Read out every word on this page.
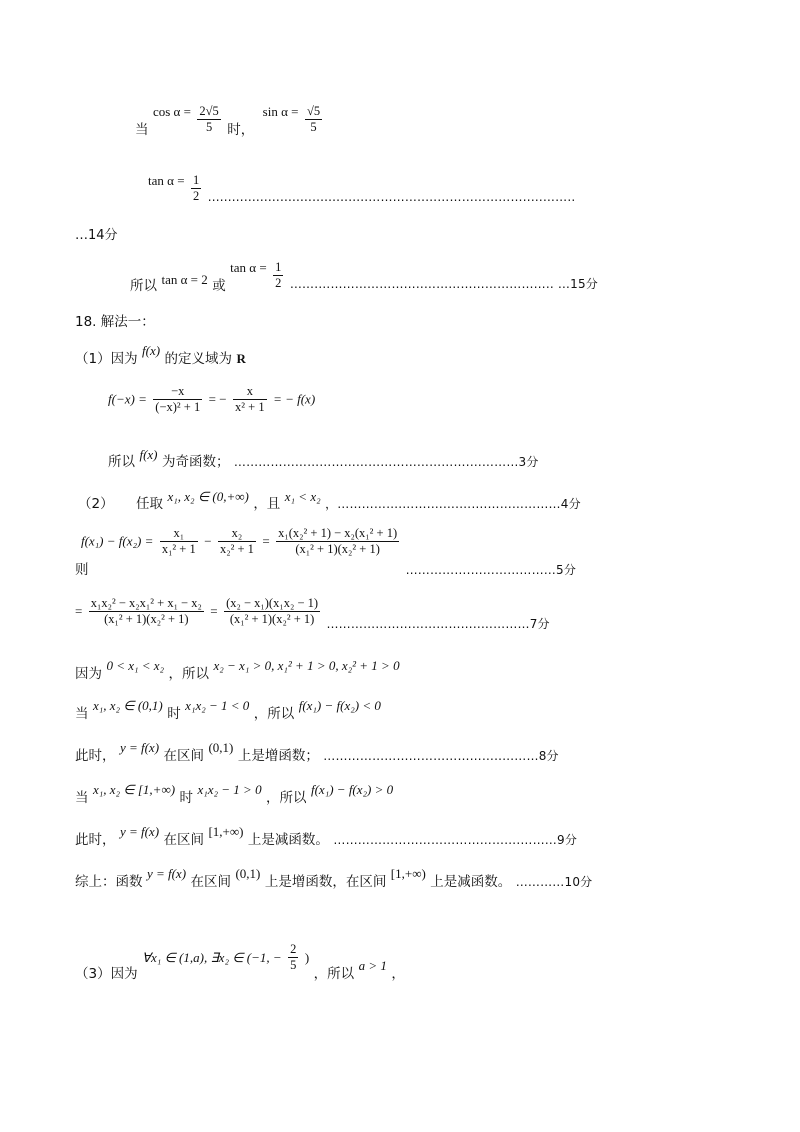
当 $\cos \alpha = \frac{2√5}{5}$ 时， $\sin \alpha = \frac{√5}{5}$
$\tan \alpha = \frac{1}{2}$ ........................................…………..……………………..………..
…14分
所以 tan α = 2 或 $\tan \alpha = \frac{1}{2}$ …….……………………..………………………….. …15分
18. 解法一：
（1）因为 f(x) 的定义域为 R
$f(-x) = \frac{-x}{\text{(−x)² + 1}}$ = − $\frac{x}{\text{x² + 1}}$ = − f(x)
所以 f(x) 为奇函数； ………………………………………………….…………3分
（2） 任取 x₁, x₂ ∈ (0,+∞) ，且 x₁ < x₂ ，…………….…….…….…….………………4分
则 $f(x_1) - f(x_2) = \frac{\text{x₁}}{\text{x₁² + 1}} - \frac{\text{x₂}}{\text{x₂² + 1}} = \frac{\text{x₁(x₂² + 1) − x₂(x₁² + 1)}}{\text{(x₁² + 1)(x₂² + 1)}}$
…………….…………………5分
= $\frac{\text{x₁x₂² − x₂x₁² + x₁ − x₂}}{\text{(x₁² + 1)(x₂² + 1)}} = \frac{\text{(x₂ − x₁)(x₁x₂ − 1)}}{\text{(x₁² + 1)(x₂² + 1)}}$ ………………………………..…………7分
因为 0 < x₁ < x₂ ，所以 x₂ − x₁ > 0, x₁² + 1 > 0, x₂² + 1 > 0
当 x₁, x₂ ∈ (0,1) 时 x₁x₂ − 1 < 0 ，所以 f(x₁) − f(x₂) < 0
此时， y = f(x) 在区间 (0,1) 上是增函数； ……………………………………..………8分
当 x₁, x₂ ∈ [1,+∞) 时 x₁x₂ − 1 > 0 ，所以 f(x₁) − f(x₂) > 0
此时， y = f(x) 在区间 [1,+∞) 上是减函数。 ……………………………………….………9分
综上：函数 y = f(x) 在区间 (0,1) 上是增函数，在区间 [1,+∞) 上是减函数。 …………10分
（3）因为 ∀x₁ ∈ (1,a), ∃x₂ ∈ (−1, − $\frac{2}{5}$ ) ，所以 a > 1 ，
